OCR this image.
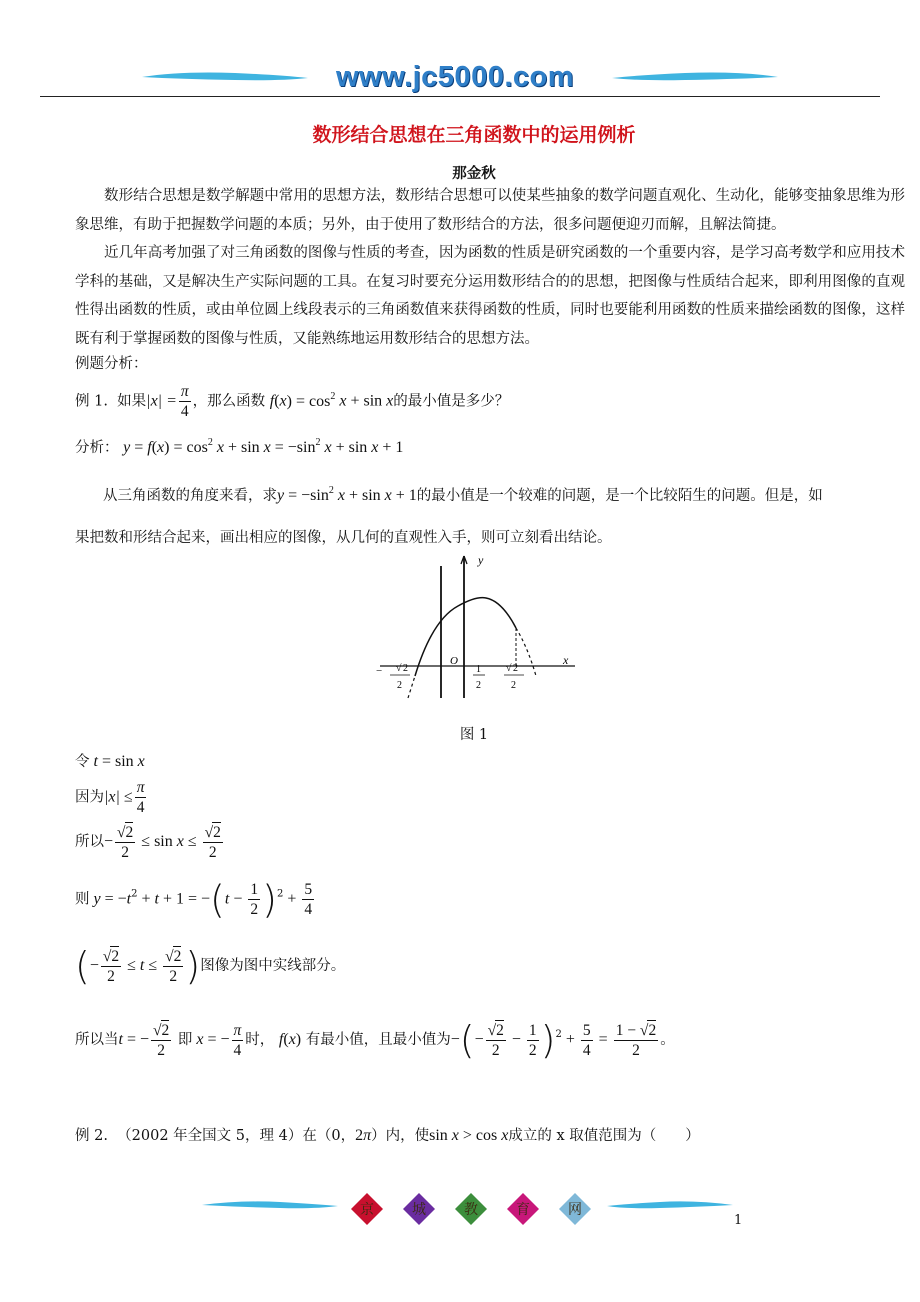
www.jc5000.com
数形结合思想在三角函数中的运用例析
那金秋
数形结合思想是数学解题中常用的思想方法，数形结合思想可以使某些抽象的数学问题直观化、生动化，能够变抽象思维为形象思维，有助于把握数学问题的本质；另外，由于使用了数形结合的方法，很多问题便迎刃而解，且解法简捷。
近几年高考加强了对三角函数的图像与性质的考查，因为函数的性质是研究函数的一个重要内容，是学习高考数学和应用技术学科的基础，又是解决生产实际问题的工具。在复习时要充分运用数形结合的的思想，把图像与性质结合起来，即利用图像的直观性得出函数的性质，或由单位圆上线段表示的三角函数值来获得函数的性质，同时也要能利用函数的性质来描绘函数的图像，这样既有利于掌握函数的图像与性质，又能熟练地运用数形结合的思想方法。
例题分析：
例 1. 如果$|x| = \frac{\pi}{4}$ ，那么函数 $f(x) = \cos^2 x + \sin x$的最小值是多少？
分析： $y = f(x) = \cos^2 x + \sin x = -\sin^2$ x + sin x + 1
从三角函数的角度来看，求$y = -\sin^2$ x + sin x + 1的最小值是一个较难的问题，是一个比较陌生的问题。但是，如
果把数和形结合起来，画出相应的图像，从几何的直观性入手，则可立刻看出结论。
y
x
O
− √ 2
2
1
2
√ 2
2
图 1
令 t = sin x
因为$|x| \le \frac{\pi}{4}$
所以− $\frac{√2}{2} \le \sin x \le \frac{√2}{2}$
则 $y = -t^2 + t + 1 = -(t - \frac{1}{2} )^2 + \frac{5}{4}$
(− $\frac{√2}{2} \le t \le \frac{√2}{2}$ )图像为图中实线部分。
所以当t = − $\frac{√2}{2}$ 即 x = − $\frac{\pi}{4}$ 时， f(x) 有最小值，且最小值为−(− $\frac{√2}{2} - \frac{1}{2} )^2 + \frac{5}{4} = \frac{1 - √2}{2}$ 。
例 2. （2002 年全国文 5，理 4）在（0，2π）内，使sin x > cos x成立的 x 取值范围为（　　）
京	城	教	育	网
1
